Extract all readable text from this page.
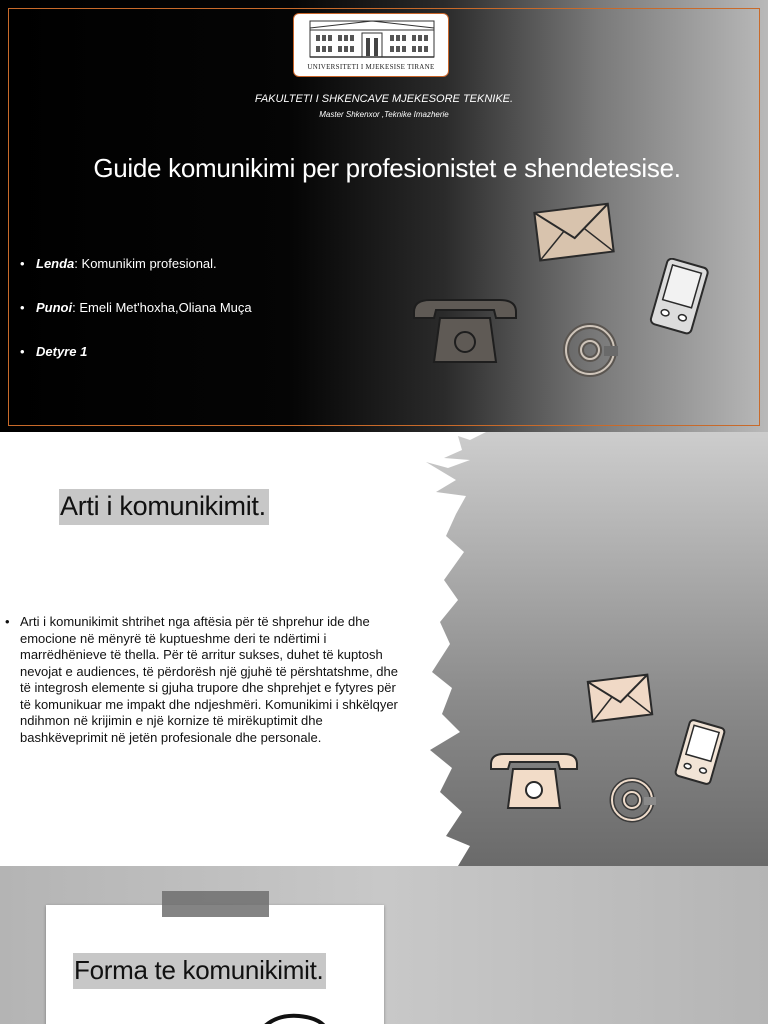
UNIVERSITETI I MJEKESISE TIRANE
FAKULTETI I SHKENCAVE MJEKESORE TEKNIKE.
Master Shkenxor ,Teknike Imazherie
Guide komunikimi per profesionistet e shendetesise.
• Lenda: Komunikim profesional.
• Punoi: Emeli Met'hoxha,Oliana Muça
• Detyre 1
Arti i komunikimit.
• Arti i komunikimit shtrihet nga aftësia për të shprehur ide dhe emocione në mënyrë të kuptueshme deri te ndërtimi i marrëdhënieve të thella. Për të arritur sukses, duhet të kuptosh nevojat e audiences, të përdorësh një gjuhë të përshtatshme, dhe të integrosh elemente si gjuha trupore dhe shprehjet e fytyres për të komunikuar me impakt dhe ndjeshmëri. Komunikimi i shkëlqyer ndihmon në krijimin e një kornize të mirëkuptimit dhe bashkëveprimit në jetën profesionale dhe personale.
Forma te komunikimit.
